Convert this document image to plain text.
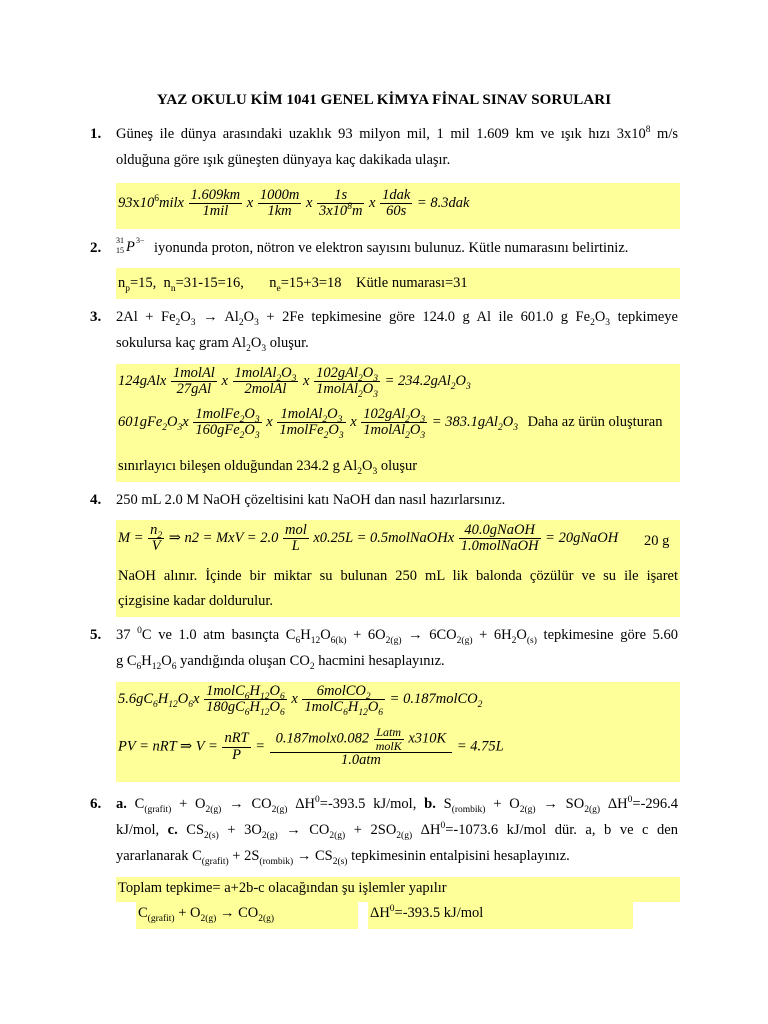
YAZ OKULU KİM 1041 GENEL KİMYA FİNAL SINAV SORULARI
1. Güneş ile dünya arasındaki uzaklık 93 milyon mil, 1 mil 1.609 km ve ışık hızı $3x10^8$ m/s
olduğuna göre ışık güneşten dünyaya kaç dakikada ulaşır.
$93x10^6milx \frac{1.609km}{\text{1mil}}$ x $\frac{1000m}{1km}$ x $\frac{1s}{3x10^8m}$ x $\frac{\text{1dak}}{60s} = 8.3dak$
2. 31
15 P 3− iyonunda proton, nötron ve elektron sayısını bulunuz. Kütle numarasını belirtiniz.
$n_p=15$,  $n_n=31-15=16$,       $n_e=15+3=18$    Kütle numarası=31
3. $2Al + Fe_2O_3 \to Al_2O_3 + 2Fe$ tepkimesine göre 124.0 g Al ile 601.0 g $Fe_2O_3$ tepkimeye
sokulursa kaç gram $Al_2O_3$ oluşur.
124gAlx $\frac{\text{1molAl}}{\text{27gAl}}$ x $\frac{1molAl_2O_3}{\text{2molAl}}$ x $\frac{102gAl_2O_3}{1molAl_2O_3} = 234.2gAl_2O_3$
$601gFe_2O_3x \frac{1molFe_2O_3}{160gFe_2O_3}$ x $\frac{1molAl_2O_3}{1molFe_2O_3}$ x $\frac{102gAl_2O_3}{1molAl_2O_3} = 383.1gAl_2O_3$ Daha az ürün oluşturan
sınırlayıcı bileşen olduğundan 234.2 g $Al_2O_3$ oluşur
4. 250 mL 2.0 M NaOH çözeltisini katı NaOH dan nasıl hazırlarsınız.
$M = \frac{n_2}{V}$ ⇒ n2 = MxV = $2.0 \frac{\text{mol}}{L} x0.25L$ = 0.5molNaOHx $\frac{\text{40.0gNaOH}}{\text{1.0molNaOH}}$ = 20gNaOH 20 g
NaOH alınır. İçinde bir miktar su bulunan 250 mL lik balonda çözülür ve su ile işaret
çizgisine kadar doldurulur.
5. 37 $^0$C ve 1.0 atm basınçta $C_6H_{12}O_{6(k)} + 6O_{2(g)} \to 6CO_{2(g)} + 6H_2O_{(s)}$ tepkimesine göre 5.60
g $C_6H_{12}O_6$ yandığında oluşan $CO_2$ hacmini hesaplayınız.
$5.6gC_6H_{12}O_6x \frac{1molC_6H_{12}O_6}{180gC_6H_{12}O_6}$ x $\frac{6molCO_2}{1molC_6H_{12}O_6}$ = 0.187molCO$_2$
PV = nRT ⇒ $V = \frac{\text{nRT}}{P} = \frac{0.187molx0.082 \frac{\text{Latm}}{\text{molK}} x310K}{\text{1.0atm}} = 4.75L$
6. a. $C_{(grafit)} + O_{2(g)} \to CO_{2(g)}$ $\Delta H^0=-393.5$ kJ/mol, b. $S_{(rombik)} + O_{2(g)} \to SO_{2(g)}$ $\Delta H^0=-296.4$
kJ/mol, c. $CS_{2(s)} + 3O_{2(g)} \to CO_{2(g)} + 2SO_{2(g)}$ $\Delta H^0=-1073.6$ kJ/mol dür. a, b ve c den
yararlanarak $C_{(grafit)} + 2S_{(rombik)} \to CS_{2(s)}$ tepkimesinin entalpisini hesaplayınız.
Toplam tepkime= a+2b-c olacağından şu işlemler yapılır
$C_{(grafit)} + O_{2(g)} \to CO_{2(g)}$	$\Delta H^0=-393.5$ kJ/mol
